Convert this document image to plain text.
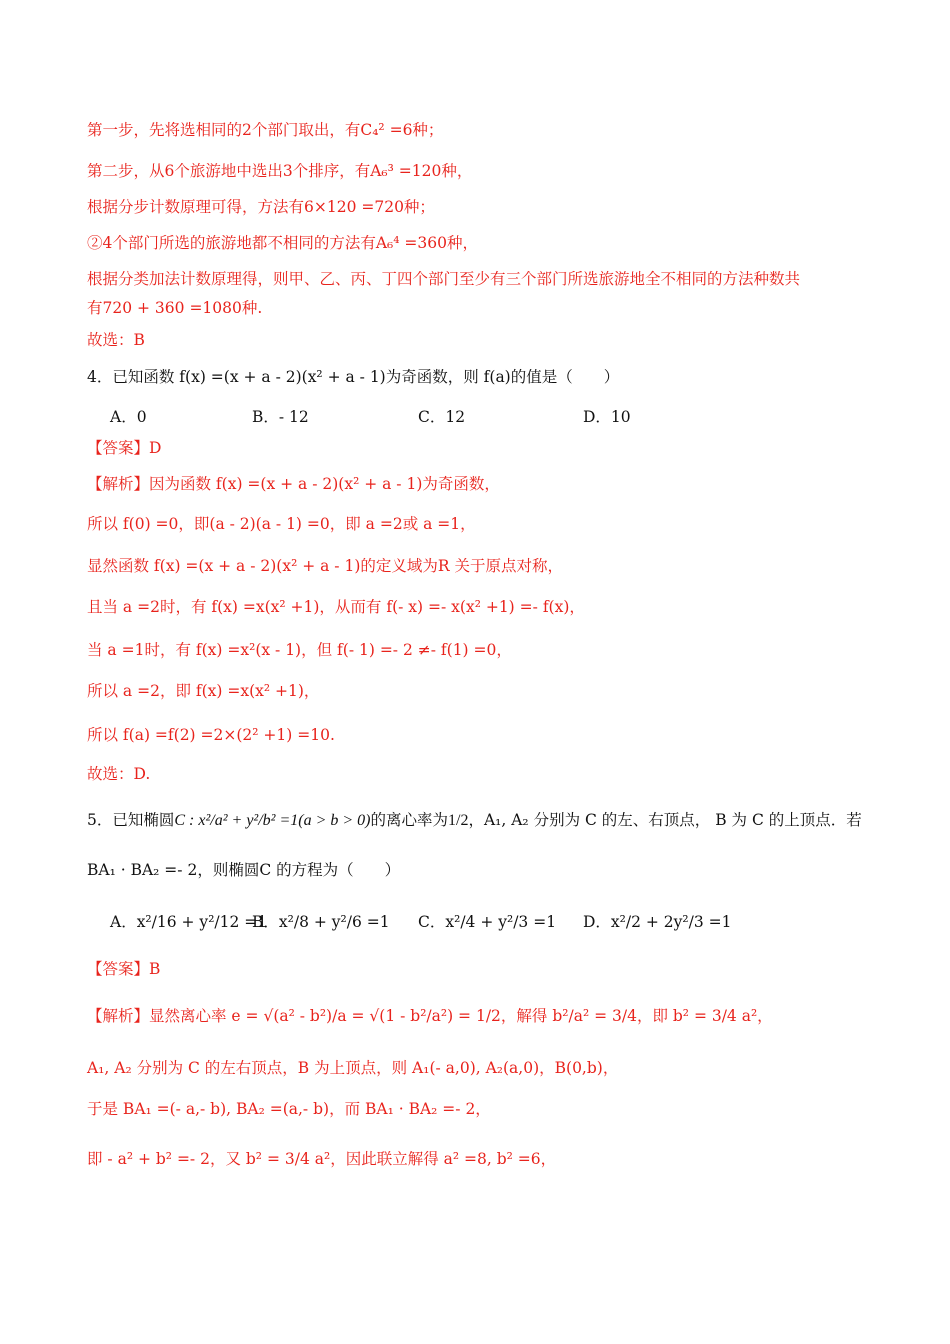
第一步，先将选相同的2个部门取出，有C₄² =6种；
第二步，从6个旅游地中选出3个排序，有A₆³ =120种，
根据分步计数原理可得，方法有6×120 =720种；
②4个部门所选的旅游地都不相同的方法有A₆⁴ =360种，
根据分类加法计数原理得，则甲、乙、丙、丁四个部门至少有三个部门所选旅游地全不相同的方法种数共
有720 + 360 =1080种.
故选：B
4．已知函数 f(x) =(x + a - 2)(x² + a - 1)为奇函数，则 f(a)的值是（　　）
A．0	B．- 12	C．12	D．10
【答案】D
【解析】因为函数 f(x) =(x + a - 2)(x² + a - 1)为奇函数，
所以 f(0) =0，即(a - 2)(a - 1) =0，即 a =2或 a =1，
显然函数 f(x) =(x + a - 2)(x² + a - 1)的定义域为R 关于原点对称，
且当 a =2时，有 f(x) =x(x² +1)，从而有 f(- x) =- x(x² +1) =- f(x)，
当 a =1时，有 f(x) =x²(x - 1)，但 f(- 1) =- 2 ≠- f(1) =0，
所以 a =2，即 f(x) =x(x² +1)，
所以 f(a) =f(2) =2×(2² +1) =10.
故选：D.
5．已知椭圆C : x²/a² + y²/b² =1(a > b > 0)的离心率为1/2，A₁, A₂ 分别为 C 的左、右顶点， B 为 C 的上顶点．若
BA₁ · BA₂ =- 2，则椭圆C 的方程为（　　）
A．x²/16 + y²/12 =1
B．x²/8 + y²/6 =1 C．x²/4 + y²/3 =1 D．x²/2 + 2y²/3 =1
【答案】B
【解析】显然离心率 e = √(a² - b²)/a = √(1 - b²/a²) = 1/2，解得 b²/a² = 3/4，即 b² = 3/4 a²，
A₁, A₂ 分别为 C 的左右顶点，B 为上顶点，则 A₁(- a,0), A₂(a,0)，B(0,b)，
于是 BA₁ =(- a,- b), BA₂ =(a,- b)，而 BA₁ · BA₂ =- 2，
即 - a² + b² =- 2，又 b² = 3/4 a²，因此联立解得 a² =8, b² =6，
